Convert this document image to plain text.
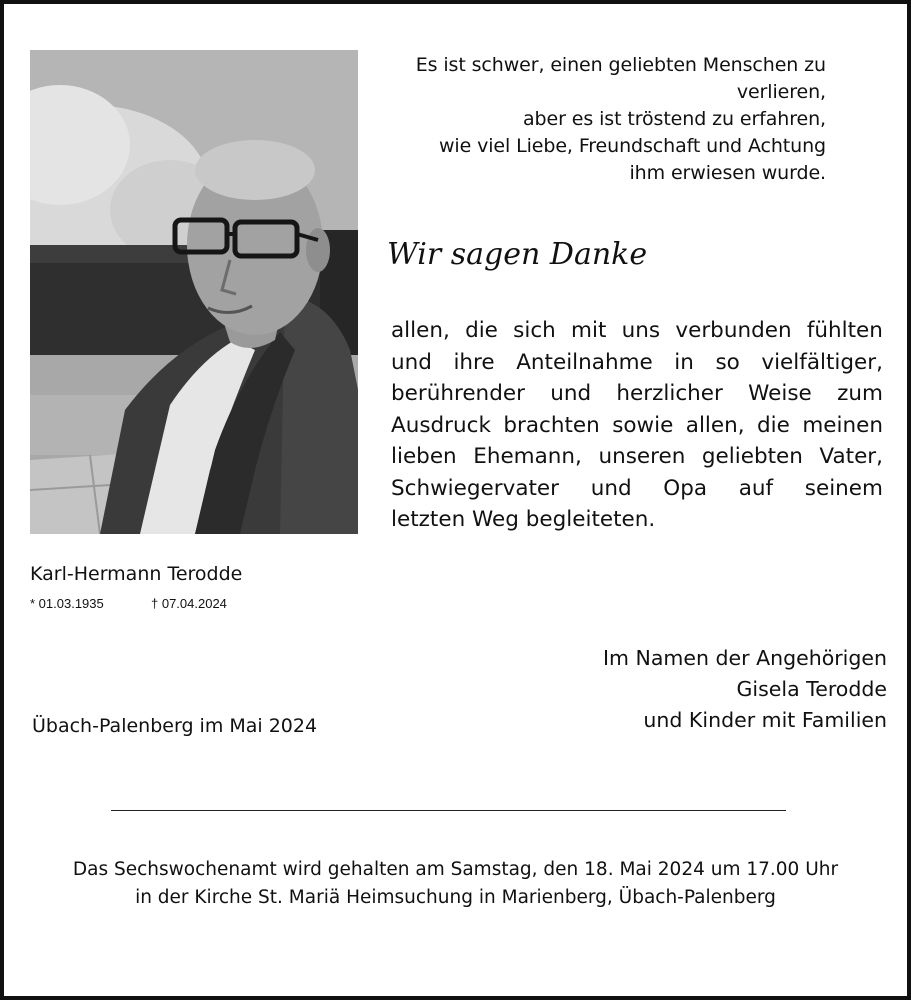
Es ist schwer, einen geliebten Menschen zu
verlieren,
aber es ist tröstend zu erfahren,
wie viel Liebe, Freundschaft und Achtung
ihm erwiesen wurde.
Wir sagen Danke
allen, die sich mit uns verbunden fühlten
und ihre Anteilnahme in so vielfältiger,
berührender und herzlicher Weise zum
Ausdruck brachten sowie allen, die meinen
lieben Ehemann, unseren geliebten Vater,
Schwiegervater und Opa auf seinem
letzten Weg begleiteten.
Karl-Hermann Terodde
* 01.03.1935	† 07.04.2024
Im Namen der Angehörigen
Gisela Terodde
und Kinder mit Familien
Übach-Palenberg im Mai 2024
Das Sechswochenamt wird gehalten am Samstag, den 18. Mai 2024 um 17.00 Uhr
in der Kirche St. Mariä Heimsuchung in Marienberg, Übach-Palenberg
